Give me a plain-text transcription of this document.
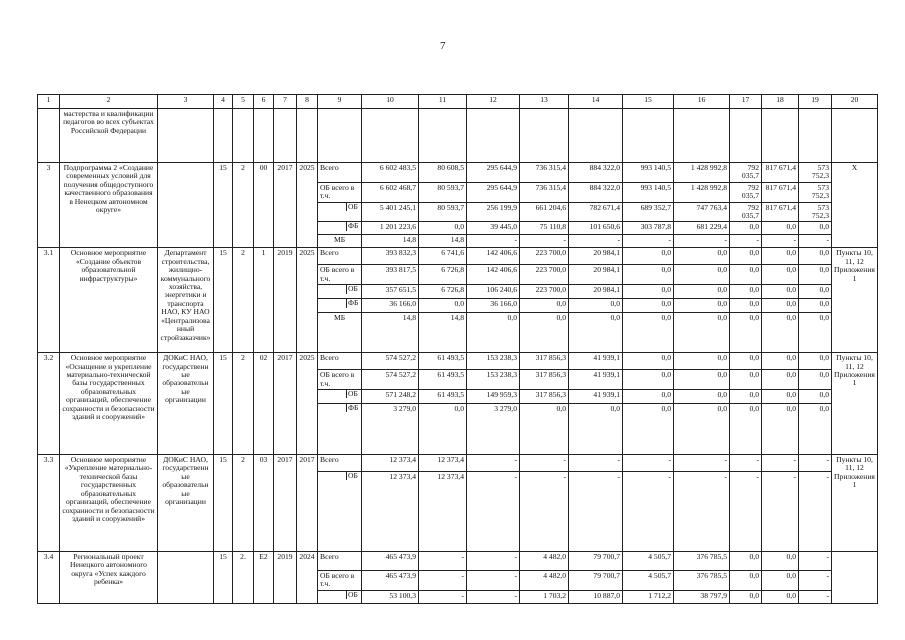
7
1	2	3	4	5	6	7	8	9	10	11	12	13	14	15	16	17	18	19	20
	мастерства и квалификации педагогов во всех субъектах Российской Федерации																		
3	Подпрограмма 2 «Создание современных условий для получения общедоступного качественного образования в Ненецком автономном округе»		15	2	00	2017	2025	Всего	6 602 483,5	80 608,5	295 644,9	736 315,4	884 322,0	993 140,5	1 428 992,8	792 035,7	817 671,4	573 752,3	X
								ОБ всего в т.ч.	6 602 468,7	80 593,7	295 644,9	736 315,4	884 322,0	993 140,5	1 428 992,8	792 035,7	817 671,4	573 752,3	

								ОБ	5 401 245,1	80 593,7	256 199,9	661 204,6	782 671,4	689 352,7	747 763,4	792 035,7	817 671,4	573 752,3	

								ФБ	1 201 223,6	0,0	39 445,0	75 110,8	101 650,6	303 787,8	681 229,4	0,0	0,0	0,0	
								МБ	14,8	14,8	-	-	-	-	-	-	-	-	
3.1	Основное мероприятие «Создание объектов образовательной инфраструктуры»	Департамент строительства, жилищно-коммунального хозяйства, энергетики и транспорта НАО, КУ НАО «Централизованный стройзаказчик»	15	2	1	2019	2025	Всего	393 832,3	6 741,6	142 406,6	223 700,0	20 984,1	0,0	0,0	0,0	0,0	0,0	Пункты 10, 11, 12 Приложения 1
								ОБ всего в т.ч.	393 817,5	6 726,8	142 406,6	223 700,0	20 984,1	0,0	0,0	0,0	0,0	0,0	

								ОБ	357 651,5	6 726,8	106 240,6	223 700,0	20 984,1	0,0	0,0	0,0	0,0	0,0	

								ФБ	36 166,0	0,0	36 166,0	0,0	0,0	0,0	0,0	0,0	0,0	0,0	
								МБ	14,8	14,8	0,0	0,0	0,0	0,0	0,0	0,0	0,0	0,0	
3.2	Основное мероприятие «Оснащение и укрепление материально-технической базы государственных образовательных организаций, обеспечение сохранности и безопасности зданий и сооружений»	ДОКиС НАО, государственные образовательные организации	15	2	02	2017	2025	Всего	574 527,2	61 493,5	153 238,3	317 856,3	41 939,1	0,0	0,0	0,0	0,0	0,0	Пункты 10, 11, 12 Приложения 1
								ОБ всего в т.ч.	574 527,2	61 493,5	153 238,3	317 856,3	41 939,1	0,0	0,0	0,0	0,0	0,0	

								ОБ	571 248,2	61 493,5	149 959,3	317 856,3	41 939,1	0,0	0,0	0,0	0,0	0,0	

								ФБ	3 279,0	0,0	3 279,0	0,0	0,0	0,0	0,0	0,0	0,0	0,0	
3.3	Основное мероприятие «Укрепление материально-технической базы государственных образовательных организаций, обеспечение сохранности и безопасности зданий и сооружений»	ДОКиС НАО, государственные образовательные организации	15	2	03	2017	2017	Всего	12 373,4	12 373,4	-	-	-	-	-	-	-	-	Пункты 10, 11, 12 Приложения 1

								ОБ	12 373,4	12 373,4	-	-	-	-	-	-	-	-	
3.4	Региональный проект Ненецкого автономного округа «Успех каждого ребенка»		15	2.	E2	2019	2024	Всего	465 473,9	-	-	4 482,0	79 700,7	4 505,7	376 785,5	0,0	0,0	-	
								ОБ всего в т.ч.	465 473,9	-	-	4 482,0	79 700,7	4 505,7	376 785,5	0,0	0,0	-	

								ОБ	53 100,3	-	-	1 703,2	10 887,0	1 712,2	38 797,9	0,0	0,0	-	
